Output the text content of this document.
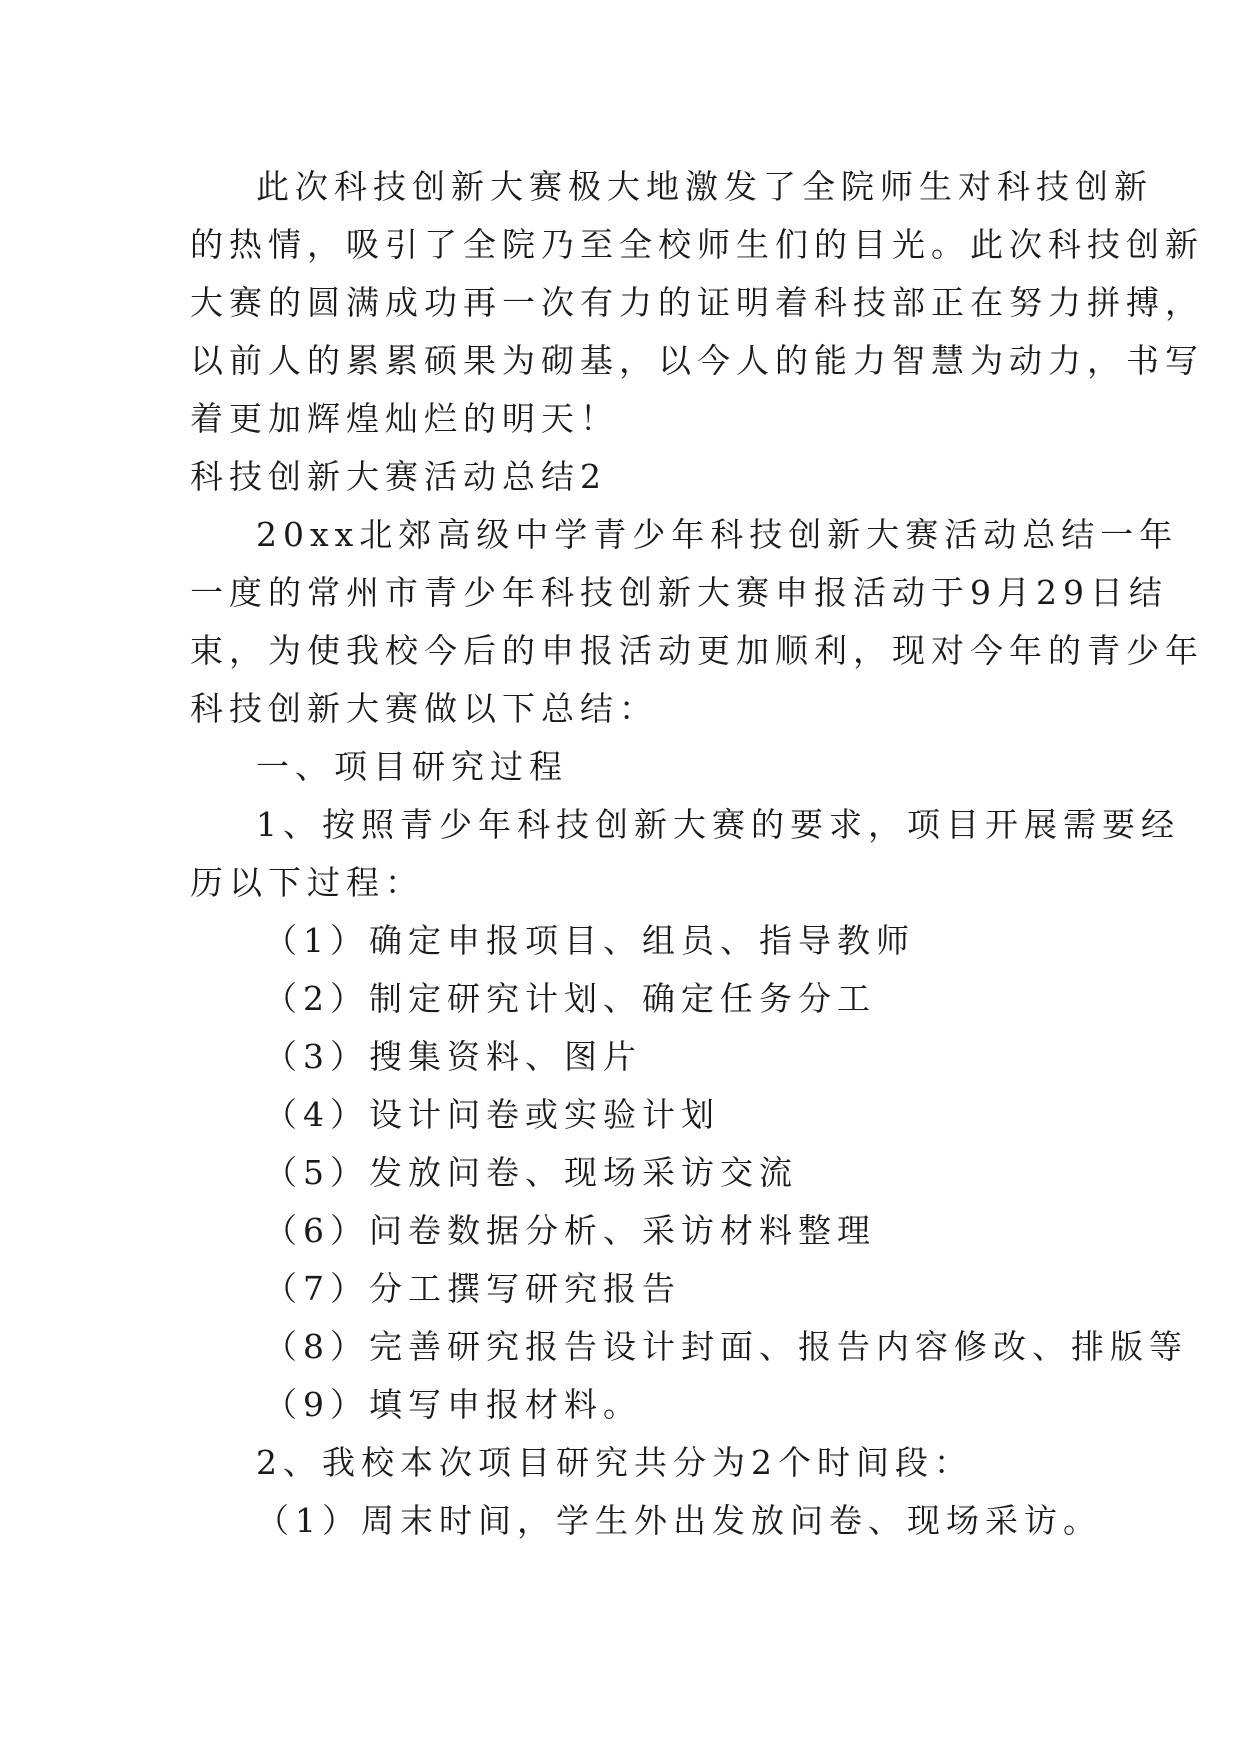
此次科技创新大赛极大地激发了全院师生对科技创新
的热情，吸引了全院乃至全校师生们的目光。此次科技创新
大赛的圆满成功再一次有力的证明着科技部正在努力拼搏，
以前人的累累硕果为砌基，以今人的能力智慧为动力，书写
着更加辉煌灿烂的明天！
科技创新大赛活动总结2
20xx北郊高级中学青少年科技创新大赛活动总结一年
一度的常州市青少年科技创新大赛申报活动于9月29日结
束，为使我校今后的申报活动更加顺利，现对今年的青少年
科技创新大赛做以下总结：
一、项目研究过程
1、按照青少年科技创新大赛的要求，项目开展需要经
历以下过程：
（1）确定申报项目、组员、指导教师
（2）制定研究计划、确定任务分工
（3）搜集资料、图片
（4）设计问卷或实验计划
（5）发放问卷、现场采访交流
（6）问卷数据分析、采访材料整理
（7）分工撰写研究报告
（8）完善研究报告设计封面、报告内容修改、排版等
（9）填写申报材料。
2、我校本次项目研究共分为2个时间段：
（1）周末时间，学生外出发放问卷、现场采访。
